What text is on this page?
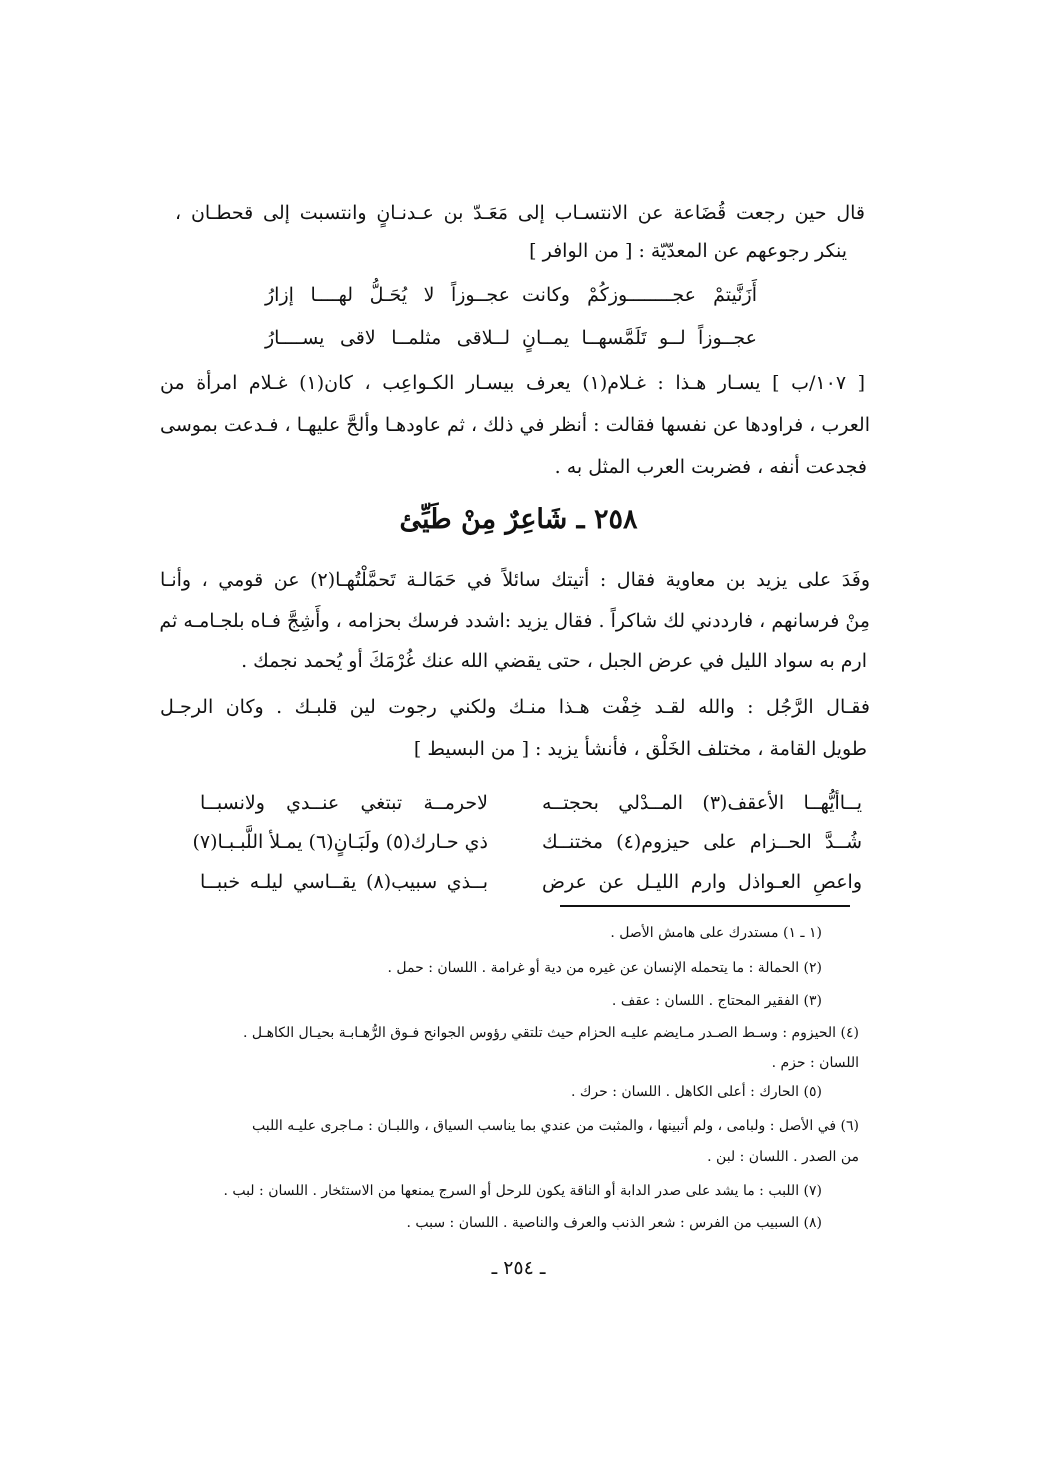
قال حين رجعت قُضَاعة عن الانتسـاب إلى مَعَـدّ بن عـدنـانٍ وانتسبت إلى قحطـان ،
ينكر رجوعهم عن المعدّيّة : [ من الوافر ]
أَزَنَّيتمْ عجــــــــوزكُمْ وكانت
عجــوزاً لا يُحَـلُّ لهــــا إزارُ
عجــوزاً لــو تَلَمَّسهــا يمــانٍ
لــلاقى مثلمــا لاقى يســــارُ
[ ١٠٧/ب ] يسـار هـذا : غـلام(١) يعرف بيسـار الكـواعِب ، كان(١) غـلام امرأة من
العرب ، فراودها عن نفسها فقالت : أنظر في ذلك ، ثم عاودهـا وألحَّ عليهـا ، فـدعت بموسى
فجدعت أنفه ، فضربت العرب المثل به .
٢٥٨ ـ شَاعِرٌ مِنْ طَيِّئ
وفَدَ على يزيد بن معاوية فقال : أتيتك سائلاً في حَمَالـة تَحمَّلْتُهـا(٢) عن قومي ، وأنـا
مِنْ فرسانهم ، فارددني لك شاكراً . فقال يزيد :اشدد فرسك بحزامه ، وأَشِجَّ فـاه بلجـامـه ثم
ارم به سواد الليل في عرض الجبل ، حتى يقضي الله عنك غُرْمَكَ أو يُحمد نجمك .
فقـال الرَّجُل : والله لقـد خِفْت هـذا منـك ولكني رجوت لين قلبـك . وكان الرجـل
طويل القامة ، مختلف الخَلْق ، فأنشأ يزيد : [ من البسيط ]
يــاأيُّهــا الأعقف(٣) المــدْلي بحجتــه
لاحرمــة تبتغي عنــدي ولانسبــا
شُــدَّ الحــزام على حيزوم(٤) مختنــك
ذي حـارك(٥) ولَبَـانٍ(٦) يمـلأ اللَّبـبـا(٧)
واعصِ العـواذل وارم الليـل عن عرض
بــذي سبيب(٨) يقــاسي ليلـه خببــا
(١ ـ ١) مستدرك على هامش الأصل .
(٢) الحمالة : ما يتحمله الإنسان عن غيره من دية أو غرامة . اللسان : حمل .
(٣) الفقير المحتاج . اللسان : عقف .
(٤) الحيزوم : وسـط الصـدر مـايضم عليـه الحزام حيث تلتقي رؤوس الجوانح فـوق الرُّهـابـة بحيـال الكاهـل .
اللسان : حزم .
(٥) الحارك : أعلى الكاهل . اللسان : حرك .
(٦) في الأصل : ولبامى ، ولم أتبينها ، والمثبت من عندي بما يناسب السياق ، واللبـان : مـاجرى عليـه اللبب
من الصدر . اللسان : لبن .
(٧) اللبب : ما يشد على صدر الدابة أو الناقة يكون للرحل أو السرج يمنعها من الاستئخار . اللسان : لبب .
(٨) السبيب من الفرس : شعر الذنب والعرف والناصية . اللسان : سبب .
ـ ٢٥٤ ـ
